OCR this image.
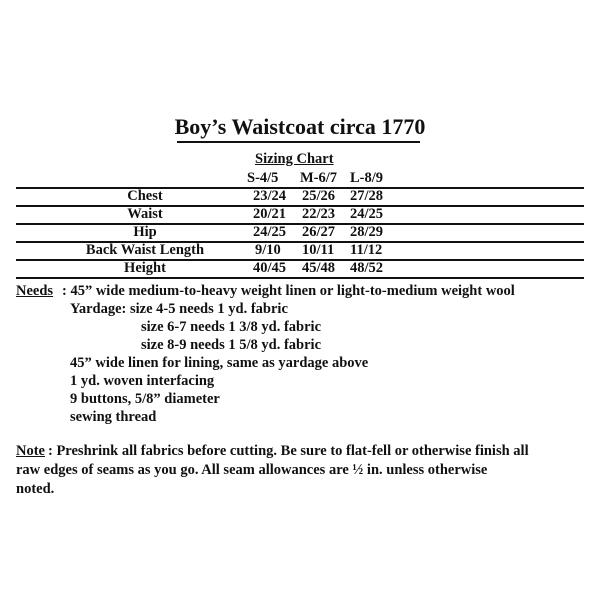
Boy’s Waistcoat circa 1770
Sizing Chart
S-4/5 M-6/7 L-8/9
Chest	23/24 25/26 27/28
Waist	20/21 22/23 24/25
Hip	24/25 26/27 28/29
Back Waist Length	9/10 10/11 11/12
Height	40/45 45/48 48/52
Needs : 45” wide medium-to-heavy weight linen or light-to-medium weight wool
Yardage: size 4-5 needs 1 yd. fabric
size 6-7 needs 1 3/8 yd. fabric
size 8-9 needs 1 5/8 yd. fabric
45” wide linen for lining, same as yardage above
1 yd. woven interfacing
9 buttons, 5/8” diameter
sewing thread
Note : Preshrink all fabrics before cutting. Be sure to flat-fell or otherwise finish all
raw edges of seams as you go. All seam allowances are ½ in. unless otherwise
noted.
